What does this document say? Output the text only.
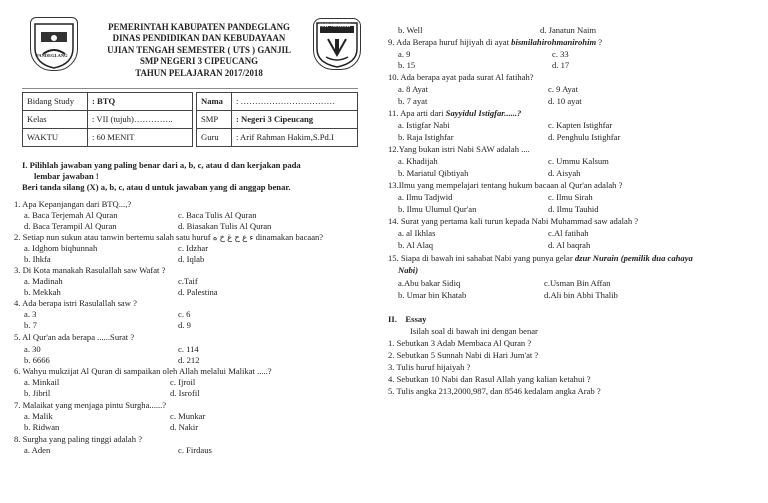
PANDEGLANG
PEMERINTAH KABUPATEN PANDEGLANG
DINAS PENDIDIKAN DAN KEBUDAYAAN
UJIAN TENGAH SEMESTER ( UTS ) GANJIL
SMP NEGERI 3 CIPEUCANG
TAHUN PELAJARAN 2017/2018
SMP NEGERI
Bidang Study	: BTQ		Nama	: ……………………………
Kelas	: VII (tujuh)…………..		SMP	: Negeri 3 Cipeucang
WAKTU	: 60 MENIT		Guru	: Arif Rahman Hakim,S.Pd.I
I. Pilihlah jawaban yang paling benar dari a, b, c, atau d dan kerjakan pada
lembar jawaban !
Beri tanda silang (X) a, b, c, atau d untuk jawaban yang di anggap benar.
1. Apa Kepanjangan dari BTQ...,?
a. Baca Terjemah Al Quran	c. Baca Tulis Al Quran
d. Baca Terampil Al Quran	d. Biasakan Tulis Al Quran
2. Setiap nun sukun atau tanwin bertemu salah satu huruf ﺀ ﻉ ﺡ ﻍ ﺥ ﻩ dinamakan bacaan?
a. Idghom biqhunnah	c. Idzhar
b. Ihkfa	d. Iqlab
3. Di Kota manakah Rasulallah saw Wafat ?
a. Madinah	c.Taif
b. Mekkah	d. Palestina
4. Ada berapa istri Rasulallah saw ?
a. 3	c. 6
b. 7	d. 9
5. Al Qur'an ada berapa ......Surat ?
a. 30	c. 114
b. 6666	d. 212
6. Wahyu mukzijat Al Quran di sampaikan oleh Allah melalui Malikat .....?
a. Minkail	c. Ijroil
b. Jibril	d. Isrofil
7. Malaikat yang menjaga pintu Surgha......?
a. Malik	c. Munkar
b. Ridwan	d. Nakir
8. Surgha yang paling tinggi adalah ?
a. Aden	c. Firdaus
b. Well	d. Janatun Naim
9. Ada Berapa huruf hijiyah di ayat bismilahirohmanirohim ?
a. 9	c. 33
b. 15	d. 17
10. Ada berapa ayat pada surat Al fatihah?
a. 8 Ayat	c. 9 Ayat
b. 7 ayat	d. 10 ayat
11. Apa arti dari Sayyidul Istigfar......?
a. Istigfar Nabi	c. Kapten Istighfar
b. Raja Istighfar	d. Penghulu Istighfar
12.Yang bukan istri Nabi SAW adalah ....
a. Khadijah	c. Ummu Kalsum
b. Mariatul Qibtiyah	d. Aisyah
13.Ilmu yang mempelajari tentang hukum bacaan al Qur'an adalah ?
a. Ilmu Tadjwid	c. Ilmu Sirah
b. Ilmu Ulumul Qur'an	d. Ilmu Tauhid
14. Surat yang pertama kali turun kepada Nabi Muhammad saw adalah ?
a. al Ikhlas	c.Al fatihah
b. Al Alaq	d. Al baqrah
15. Siapa di bawah ini sahabat Nabi yang punya gelar dzur Nurain (pemilik dua cahaya
Nabi)
a.Abu bakar Sidiq	c.Usman Bin Affan
b. Umar bin Khatab	d.Ali bin Abhi Thalib
II.    Essay
Isilah soal di bawah ini dengan benar
1. Sebutkan 3 Adab Membaca Al Quran ?
2. Sebutkan 5 Sunnah Nabi di Hari Jum'at ?
3. Tulis huruf hijaiyah ?
4. Sebutkan 10 Nabi dan Rasul Allah yang kalian ketahui ?
5. Tulis angka 213,2000,987, dan 8546 kedalam angka Arab ?
